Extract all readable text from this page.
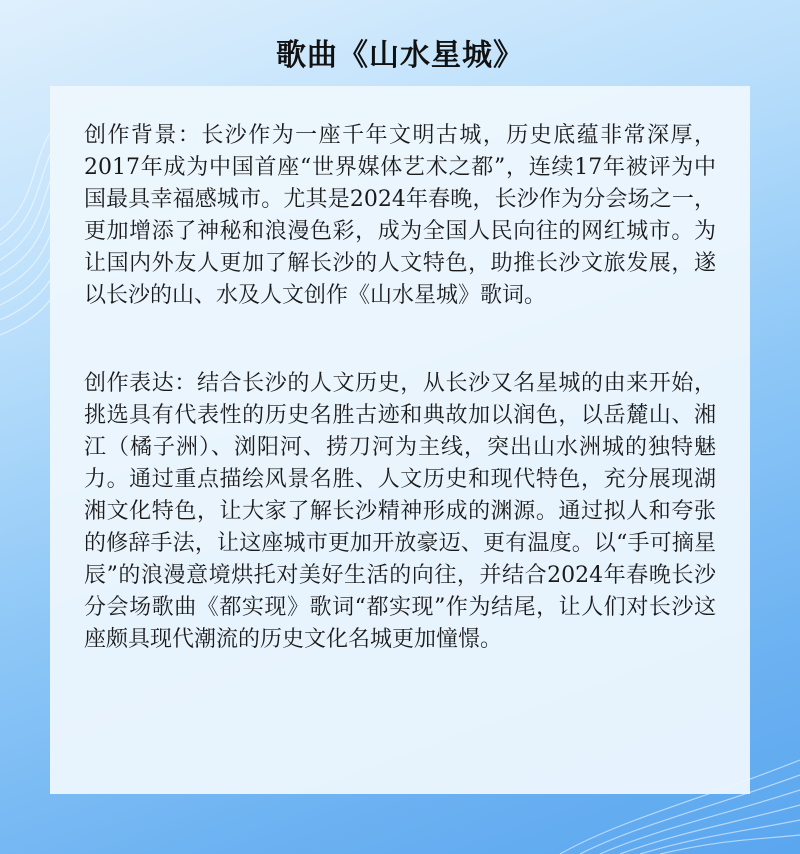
歌曲《山水星城》

创作背景：长沙作为一座千年文明古城，历史底蕴非常深厚，2017年成为中国首座“世界媒体艺术之都”，连续17年被评为中国最具幸福感城市。尤其是2024年春晚，长沙作为分会场之一，更加增添了神秘和浪漫色彩，成为全国人民向往的网红城市。为让国内外友人更加了解长沙的人文特色，助推长沙文旅发展，遂以长沙的山、水及人文创作《山水星城》歌词。

创作表达：结合长沙的人文历史，从长沙又名星城的由来开始，挑选具有代表性的历史名胜古迹和典故加以润色，以岳麓山、湘江（橘子洲）、浏阳河、捞刀河为主线，突出山水洲城的独特魅力。通过重点描绘风景名胜、人文历史和现代特色，充分展现湖湘文化特色，让大家了解长沙精神形成的渊源。通过拟人和夸张的修辞手法，让这座城市更加开放豪迈、更有温度。以“手可摘星辰”的浪漫意境烘托对美好生活的向往，并结合2024年春晚长沙分会场歌曲《都实现》歌词“都实现”作为结尾，让人们对长沙这座颇具现代潮流的历史文化名城更加憧憬。
